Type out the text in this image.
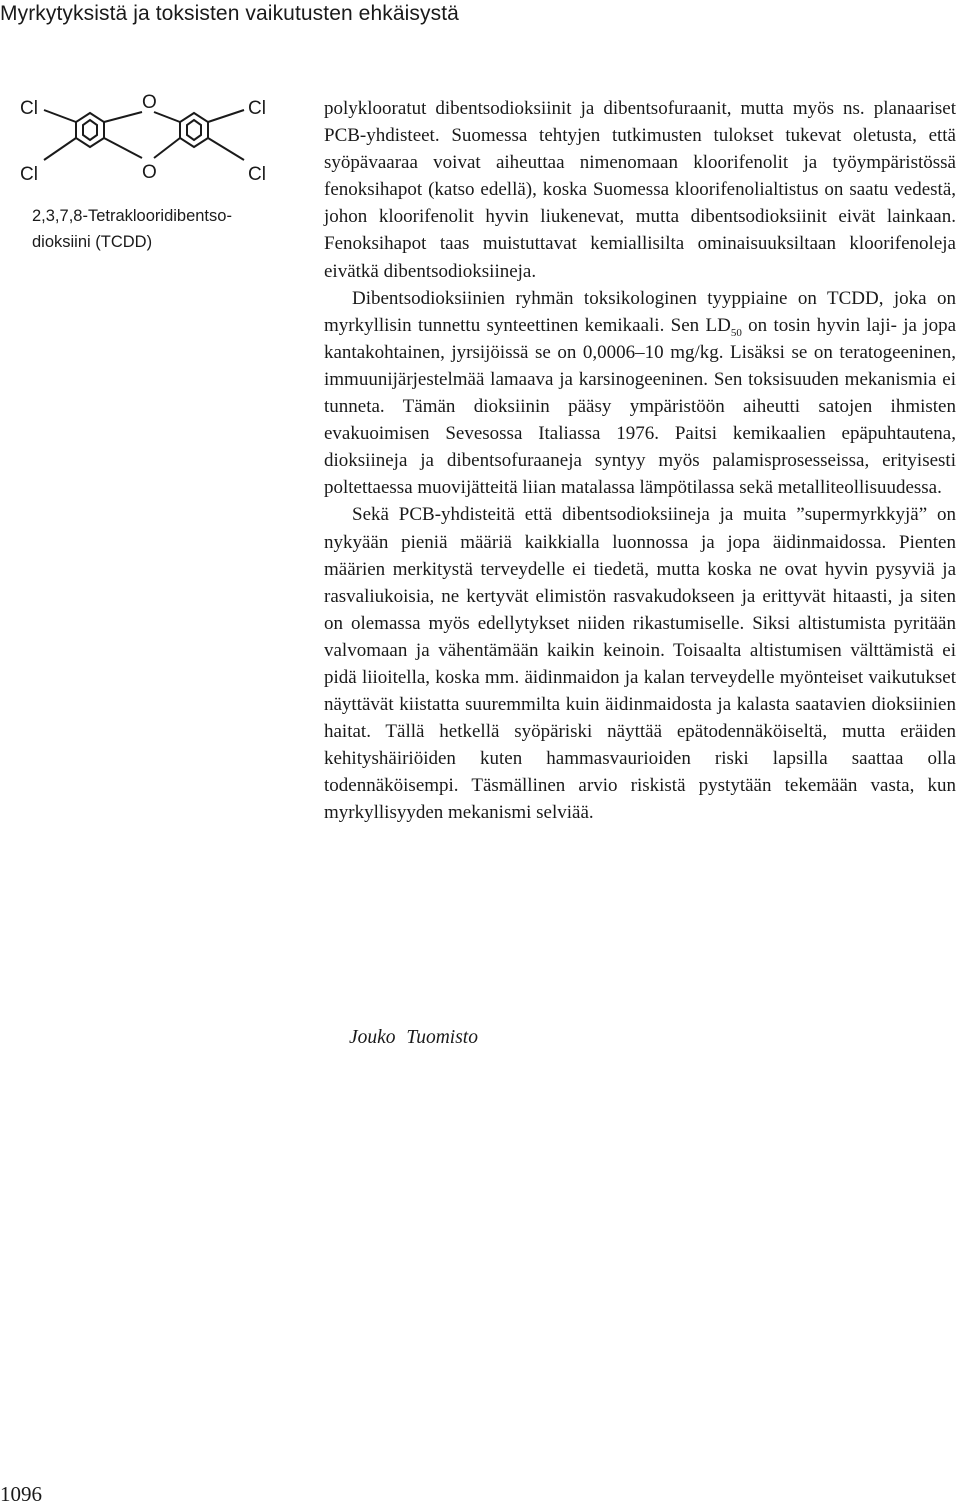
Myrkytyksistä ja toksisten vaikutusten ehkäisystä
Cl
Cl
O
O
Cl
Cl
2,3,7,8-Tetraklooridibentso-
dioksiini (TCDD)

polyklooratut dibentsodioksiinit ja dibentsofuraanit, mutta myös ns. planaariset PCB-yhdisteet. Suomessa tehtyjen tutkimusten tulokset tukevat oletusta, että syöpävaaraa voivat aiheuttaa nimenomaan kloorifenolit ja työympäristössä fenoksihapot (katso edellä), koska Suomessa kloorifenolialtistus on saatu vedestä, johon kloorifenolit hyvin liukenevat, mutta dibentsodioksiinit eivät lainkaan. Fenoksihapot taas muistuttavat kemiallisilta ominaisuuksiltaan kloorifenoleja eivätkä dibentsodioksiineja.

Dibentsodioksiinien ryhmän toksikologinen tyyppiaine on TCDD, joka on myrkyllisin tunnettu synteettinen kemikaali. Sen $LD_{50}$ on tosin hyvin laji- ja jopa kantakohtainen, jyrsijöissä se on 0,0006–10 mg/kg. Lisäksi se on teratogeeninen, immuunijärjestelmää lamaava ja karsinogeeninen. Sen toksisuuden mekanismia ei tunneta. Tämän dioksiinin pääsy ympäristöön aiheutti satojen ihmisten evakuoimisen Sevesossa Italiassa 1976. Paitsi kemikaalien epäpuhtautena, dioksiineja ja dibentsofuraaneja syntyy myös palamisprosesseissa, erityisesti poltettaessa muovijätteitä liian matalassa lämpötilassa sekä metalliteollisuudessa.

Sekä PCB-yhdisteitä että dibentsodioksiineja ja muita ”supermyrkkyjä” on nykyään pieniä määriä kaikkialla luonnossa ja jopa äidinmaidossa. Pienten määrien merkitystä terveydelle ei tiedetä, mutta koska ne ovat hyvin pysyviä ja rasvaliukoisia, ne kertyvät elimistön rasvakudokseen ja erittyvät hitaasti, ja siten on olemassa myös edellytykset niiden rikastumiselle. Siksi altistumista pyritään valvomaan ja vähentämään kaikin keinoin. Toisaalta altistumisen välttämistä ei pidä liioitella, koska mm. äidinmaidon ja kalan terveydelle myönteiset vaikutukset näyttävät kiistatta suuremmilta kuin äidinmaidosta ja kalasta saatavien dioksiinien haitat. Tällä hetkellä syöpäriski näyttää epätodennäköiseltä, mutta eräiden kehityshäiriöiden kuten hammasvaurioiden riski lapsilla saattaa olla todennäköisempi. Täsmällinen arvio riskistä pystytään tekemään vasta, kun myrkyllisyyden mekanismi selviää.

Jouko Tuomisto
1096
